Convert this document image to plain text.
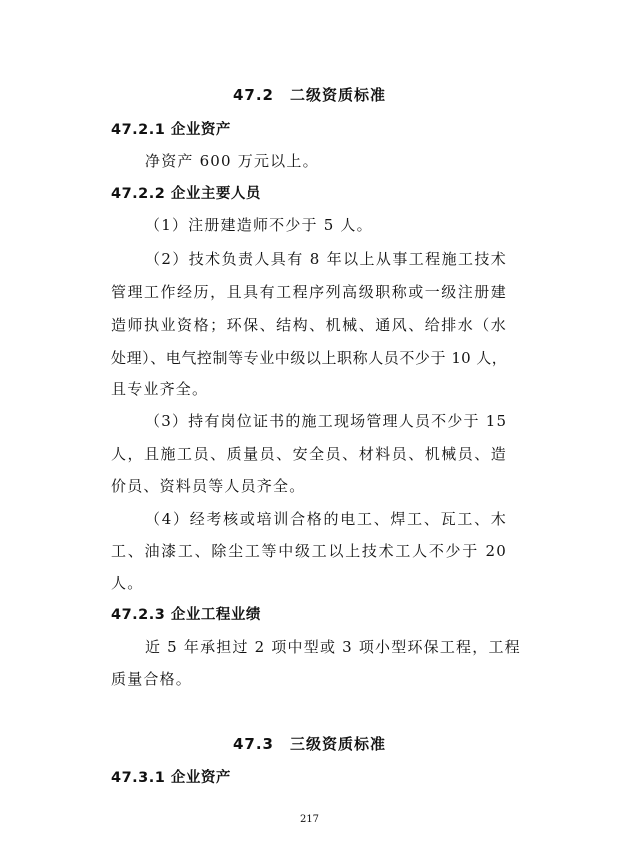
47.2　二级资质标准
47.2.1 企业资产
净资产 600 万元以上。
47.2.2 企业主要人员
（1）注册建造师不少于 5 人。
（2）技术负责人具有 8 年以上从事工程施工技术
管理工作经历，且具有工程序列高级职称或一级注册建
造师执业资格；环保、结构、机械、通风、给排水（水
处理）、电气控制等专业中级以上职称人员不少于 10 人，
且专业齐全。
（3）持有岗位证书的施工现场管理人员不少于 15
人，且施工员、质量员、安全员、材料员、机械员、造
价员、资料员等人员齐全。
（4）经考核或培训合格的电工、焊工、瓦工、木
工、油漆工、除尘工等中级工以上技术工人不少于 20
人。
47.2.3 企业工程业绩
近 5 年承担过 2 项中型或 3 项小型环保工程，工程
质量合格。
47.3　三级资质标准
47.3.1 企业资产
217
